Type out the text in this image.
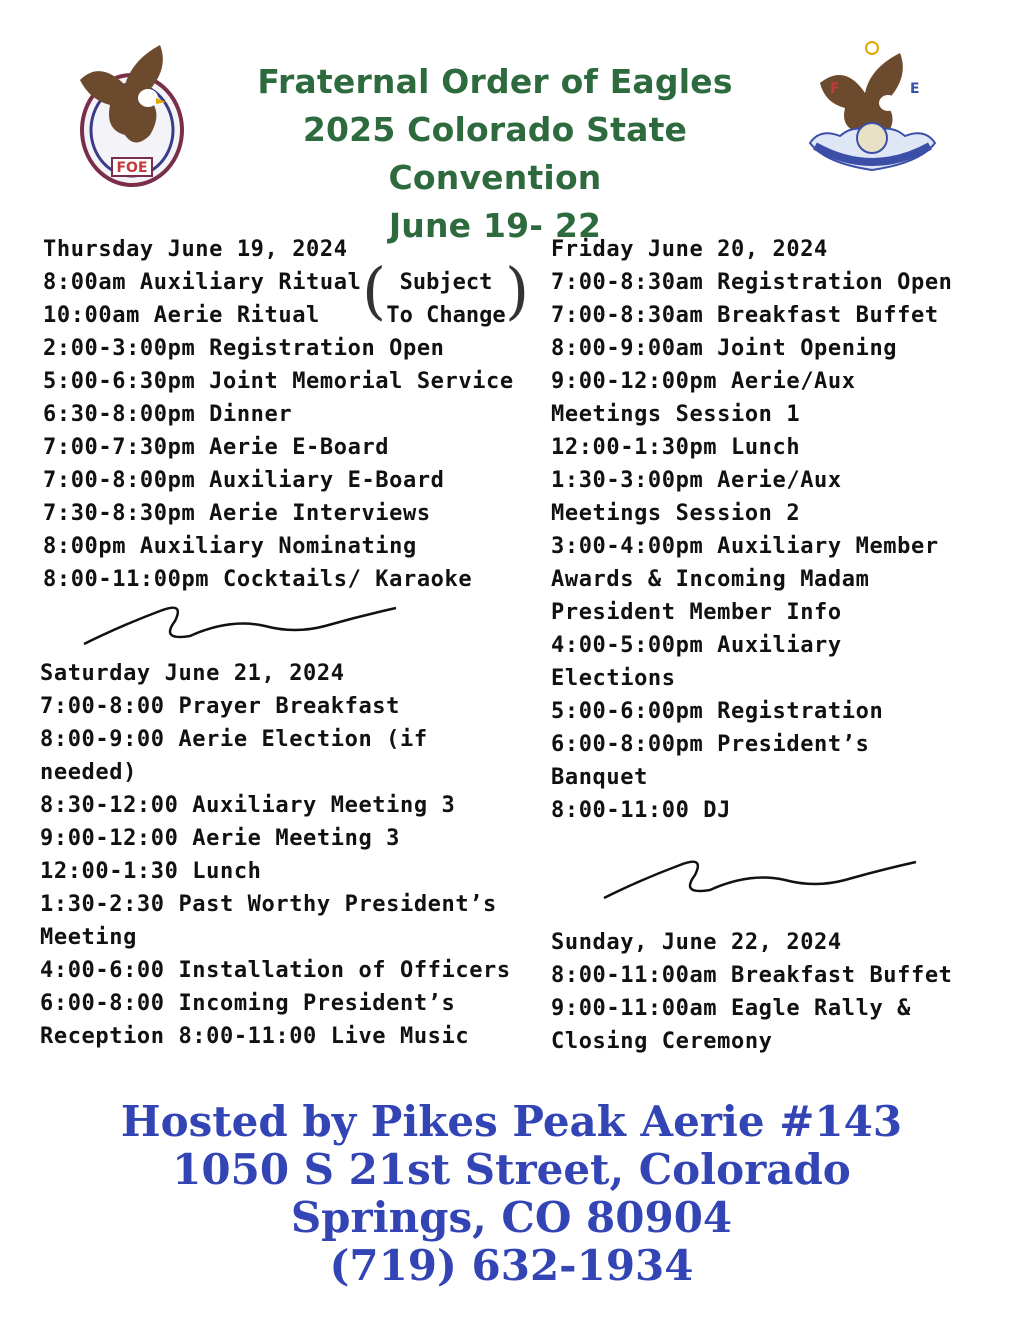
FOE
Fraternal Order of Eagles
2025 Colorado State Convention
June 19- 22
F	E
Thursday June 19, 2024
8:00am Auxiliary Ritual
10:00am Aerie Ritual
2:00-3:00pm Registration Open
5:00-6:30pm Joint Memorial Service
6:30-8:00pm Dinner
7:00-7:30pm Aerie E-Board
7:00-8:00pm Auxiliary E-Board
7:30-8:30pm Aerie Interviews
8:00pm Auxiliary Nominating
8:00-11:00pm Cocktails/ Karaoke
( Subject
To Change )
Saturday June 21, 2024
7:00-8:00 Prayer Breakfast
8:00-9:00 Aerie Election (if
needed)
8:30-12:00 Auxiliary Meeting 3
9:00-12:00 Aerie Meeting 3
12:00-1:30 Lunch
1:30-2:30 Past Worthy President’s
Meeting
4:00-6:00 Installation of Officers
6:00-8:00 Incoming President’s
Reception 8:00-11:00 Live Music
Friday June 20, 2024
7:00-8:30am Registration Open
7:00-8:30am Breakfast Buffet
8:00-9:00am Joint Opening
9:00-12:00pm Aerie/Aux
Meetings Session 1
12:00-1:30pm Lunch
1:30-3:00pm Aerie/Aux
Meetings Session 2
3:00-4:00pm Auxiliary Member
Awards & Incoming Madam
President Member Info
4:00-5:00pm Auxiliary
Elections
5:00-6:00pm Registration
6:00-8:00pm President’s
Banquet
8:00-11:00 DJ
Sunday, June 22, 2024
8:00-11:00am Breakfast Buffet
9:00-11:00am Eagle Rally &
Closing Ceremony
Hosted by Pikes Peak Aerie #143
1050 S 21st Street, Colorado
Springs, CO 80904
(719) 632-1934
